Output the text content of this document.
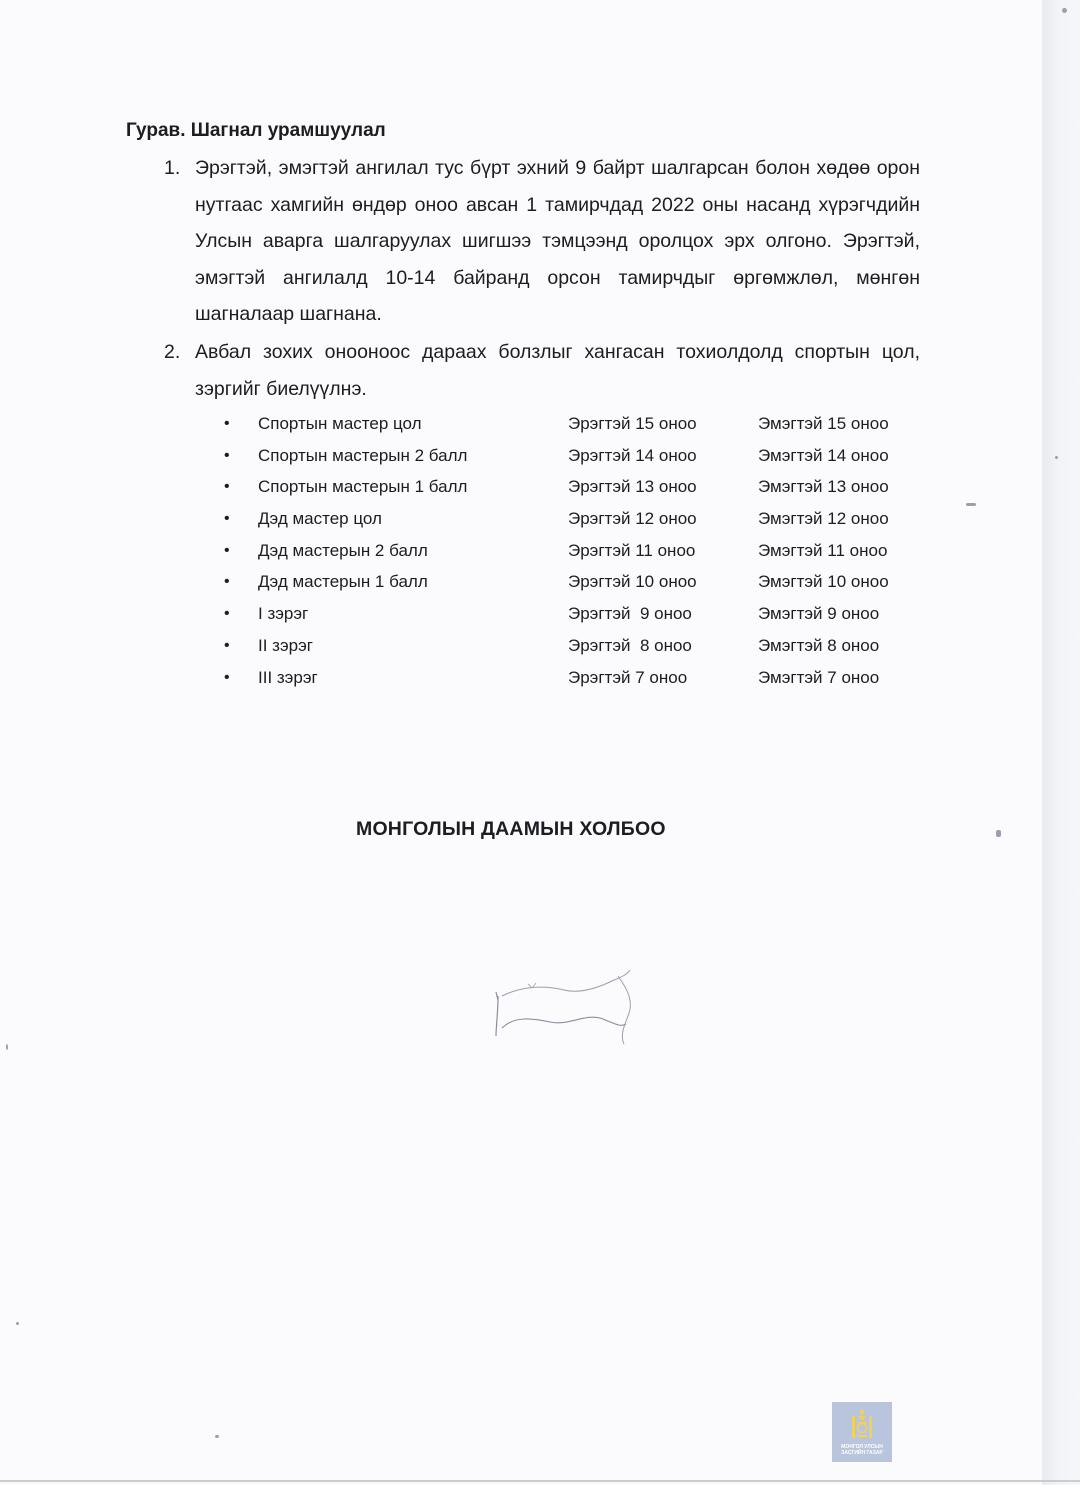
Гурав. Шагнал урамшуулал
1. Эрэгтэй, эмэгтэй ангилал тус бүрт эхний 9 байрт шалгарсан болон хөдөө орон нутгаас хамгийн өндөр оноо авсан 1 тамирчдад 2022 оны насанд хүрэгчдийн Улсын аварга шалгаруулах шигшээ тэмцээнд оролцох эрх олгоно. Эрэгтэй, эмэгтэй ангилалд 10-14 байранд орсон тамирчдыг өргөмжлөл, мөнгөн шагналаар шагнана.
2. Авбал зохих онооноос дараах болзлыг хангасан тохиолдолд спортын цол, зэргийг биелүүлнэ.
• Спортын мастер цол	Эрэгтэй 15 оноо	Эмэгтэй 15 оноо
• Спортын мастерын 2 балл	Эрэгтэй 14 оноо	Эмэгтэй 14 оноо
• Спортын мастерын 1 балл	Эрэгтэй 13 оноо	Эмэгтэй 13 оноо
• Дэд мастер цол	Эрэгтэй 12 оноо	Эмэгтэй 12 оноо
• Дэд мастерын 2 балл	Эрэгтэй 11 оноо	Эмэгтэй 11 оноо
• Дэд мастерын 1 балл	Эрэгтэй 10 оноо	Эмэгтэй 10 оноо
• I зэрэг	Эрэгтэй  9 оноо	Эмэгтэй 9 оноо
• II зэрэг	Эрэгтэй  8 оноо	Эмэгтэй 8 оноо
• III зэрэг	Эрэгтэй 7 оноо	Эмэгтэй 7 оноо
МОНГОЛЫН ДААМЫН ХОЛБОО
МОНГОЛ УЛСЫН
ЗАСГИЙН ГАЗАР
